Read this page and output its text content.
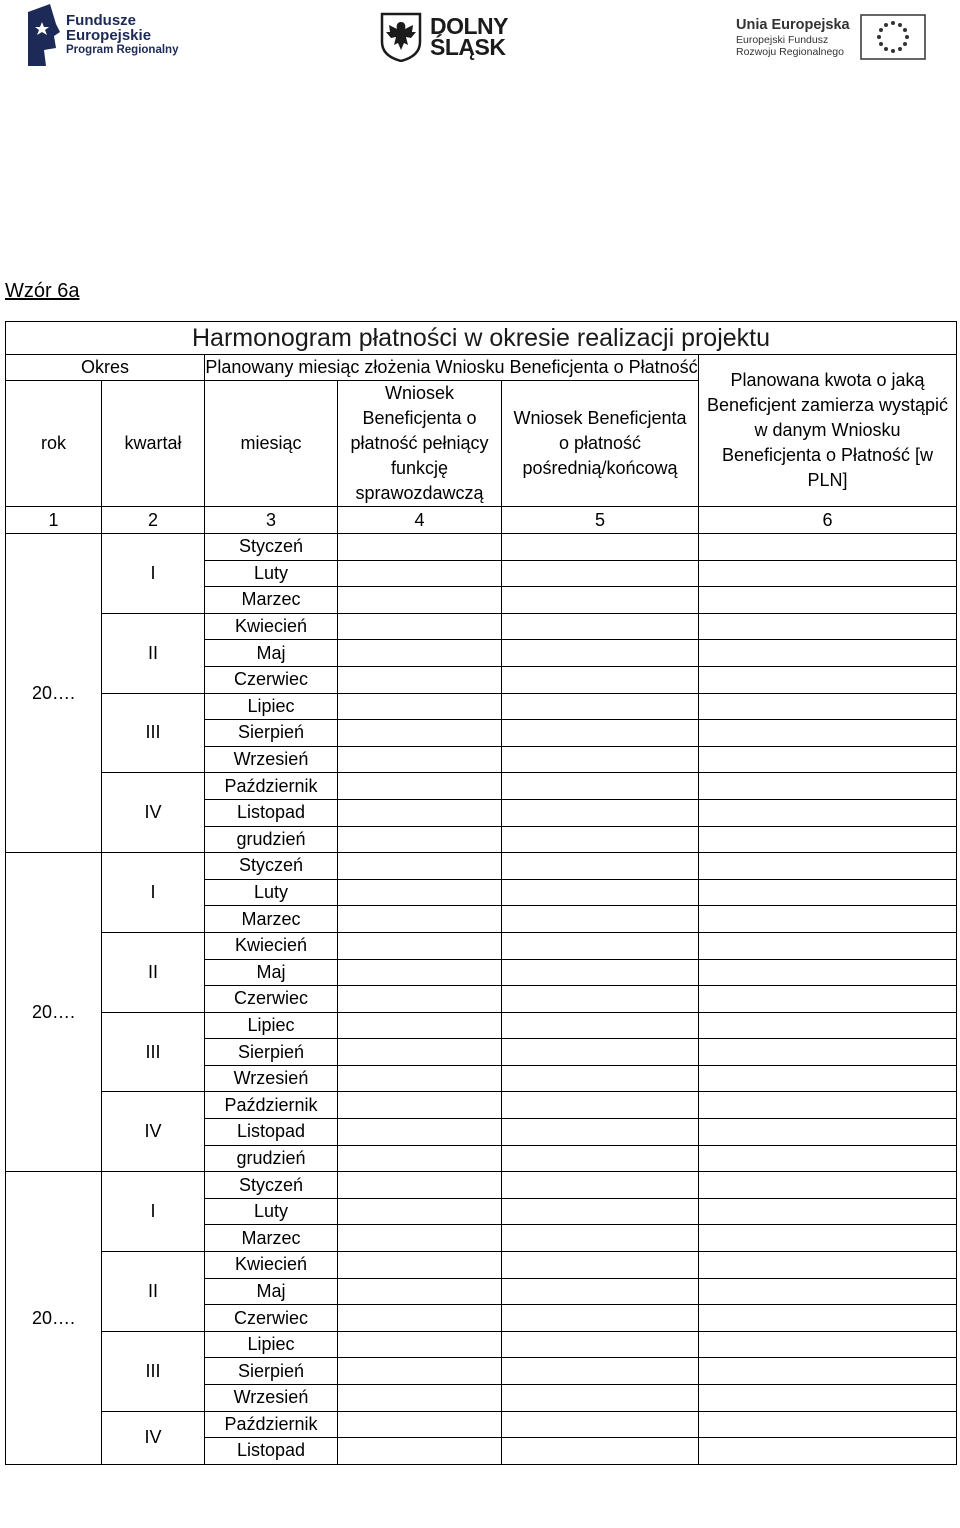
Fundusze
Europejskie
Program Regionalny
DOLNY
ŚLĄSK
Unia Europejska
Europejski Fundusz
Rozwoju Regionalnego
Wzór 6a
Harmonogram płatności w okresie realizacji projektu					
Okres		Planowany miesiąc złożenia Wniosku Beneficjenta o Płatność			Planowana kwota o jaką Beneficjent zamierza wystąpić w danym Wniosku Beneficjenta o Płatność [w PLN]
rok	kwartał	miesiąc	Wniosek Beneficjenta o płatność pełniący funkcję sprawozdawczą	Wniosek Beneficjenta o płatność pośrednią/końcową	
1	2	3	4	5	6
20….	I	Styczeń			
		Luty			
		Marzec			
	II	Kwiecień			
		Maj			
		Czerwiec			
	III	Lipiec			
		Sierpień			
		Wrzesień			
	IV	Październik			
		Listopad			
		grudzień			
20….	I	Styczeń			
		Luty			
		Marzec			
	II	Kwiecień			
		Maj			
		Czerwiec			
	III	Lipiec			
		Sierpień			
		Wrzesień			
	IV	Październik			
		Listopad			
		grudzień			
20….	I	Styczeń			
		Luty			
		Marzec			
	II	Kwiecień			
		Maj			
		Czerwiec			
	III	Lipiec			
		Sierpień			
		Wrzesień			
	IV	Październik			
		Listopad			
